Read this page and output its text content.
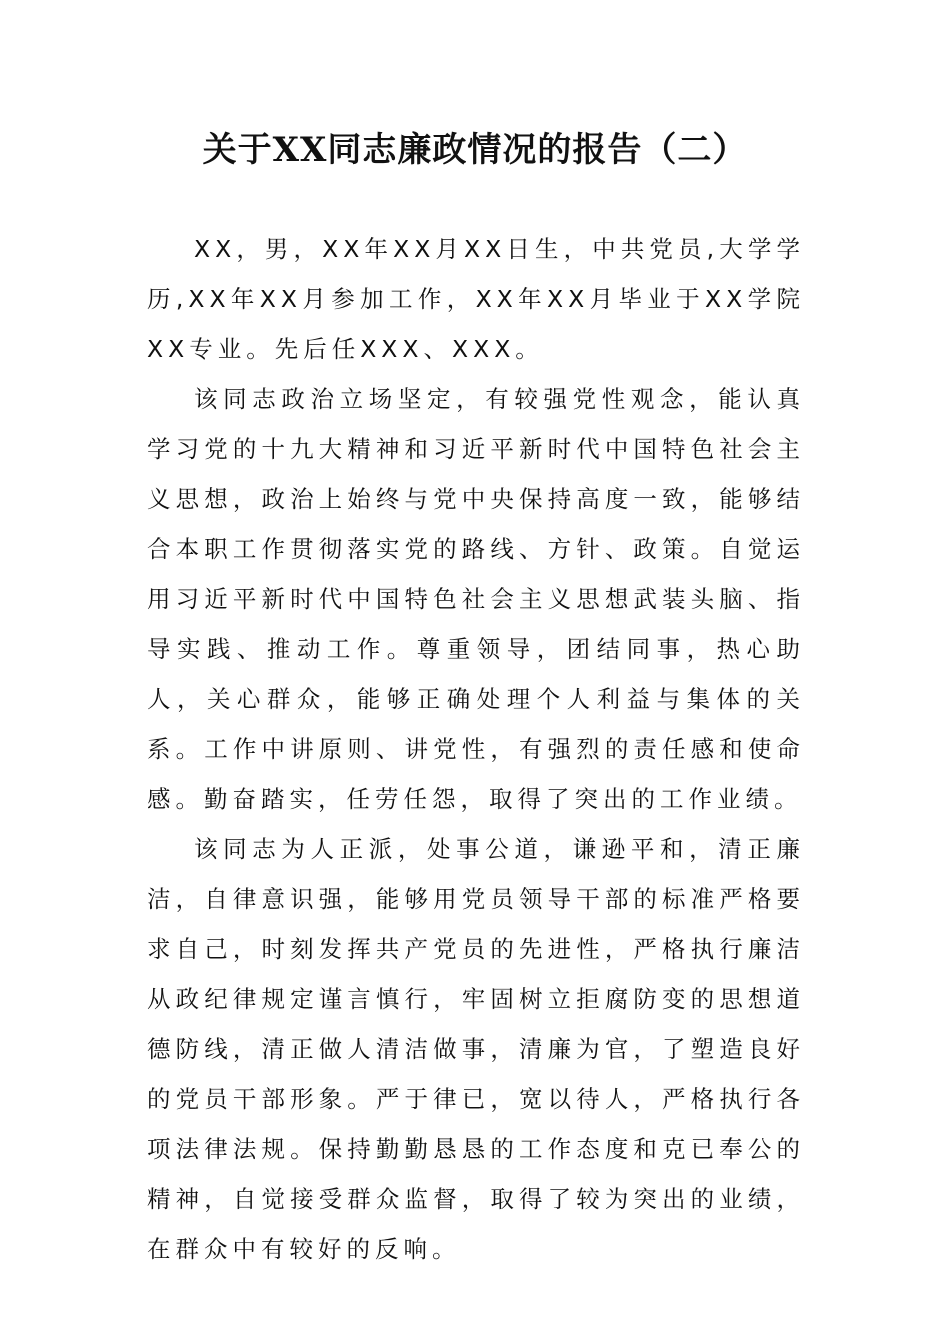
关于XX同志廉政情况的报告（二）

XX，男，XX年XX月XX日生，中共党员,大学学历,XX年XX月参加工作，XX年XX月毕业于XX学院XX专业。先后任XXX、XXX。

该同志政治立场坚定，有较强党性观念，能认真学习党的十九大精神和习近平新时代中国特色社会主义思想，政治上始终与党中央保持高度一致，能够结合本职工作贯彻落实党的路线、方针、政策。自觉运用习近平新时代中国特色社会主义思想武装头脑、指导实践、推动工作。尊重领导，团结同事，热心助人，关心群众，能够正确处理个人利益与集体的关系。工作中讲原则、讲党性，有强烈的责任感和使命感。勤奋踏实，任劳任怨，取得了突出的工作业绩。

该同志为人正派，处事公道，谦逊平和，清正廉洁，自律意识强，能够用党员领导干部的标准严格要求自己，时刻发挥共产党员的先进性，严格执行廉洁从政纪律规定谨言慎行，牢固树立拒腐防变的思想道德防线，清正做人清洁做事，清廉为官，了塑造良好的党员干部形象。严于律已，宽以待人，严格执行各项法律法规。保持勤勤恳恳的工作态度和克已奉公的精神，自觉接受群众监督，取得了较为突出的业绩，在群众中有较好的反响。
